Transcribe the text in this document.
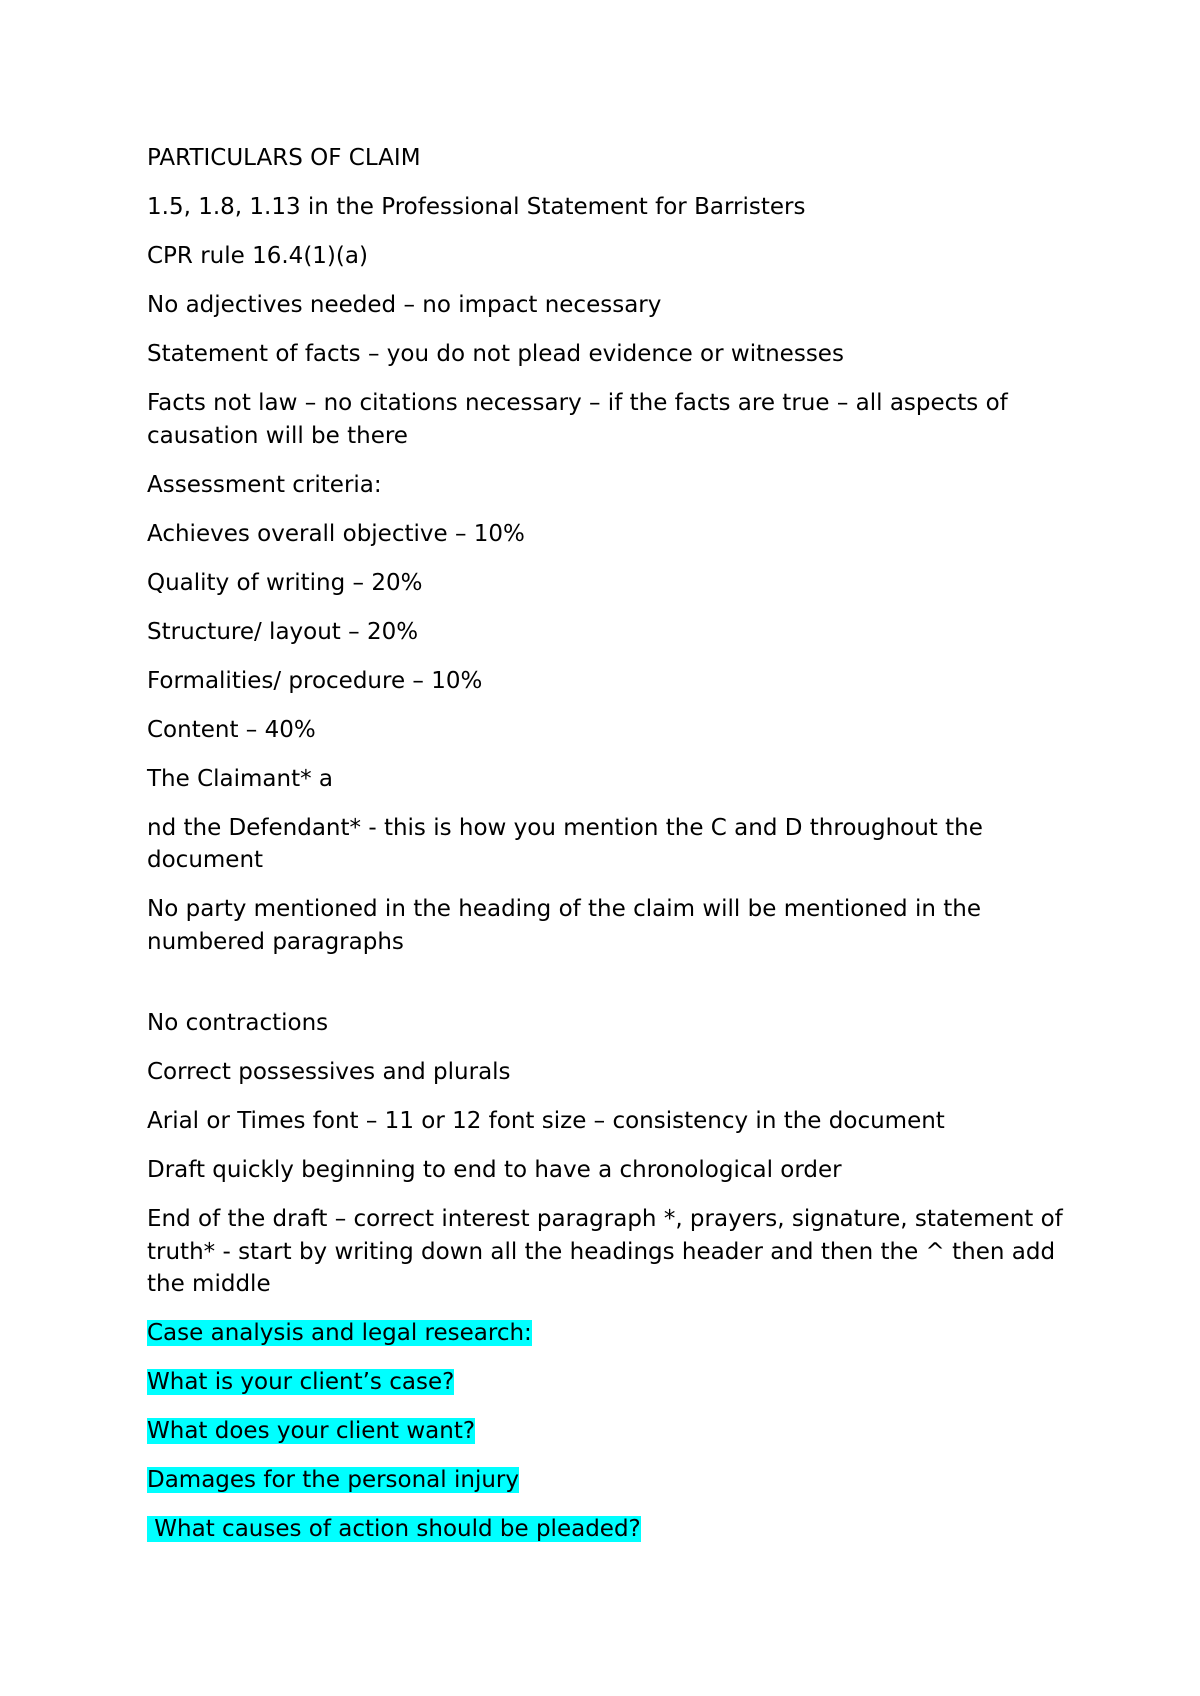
PARTICULARS OF CLAIM

1.5, 1.8, 1.13 in the Professional Statement for Barristers

CPR rule 16.4(1)(a)

No adjectives needed – no impact necessary

Statement of facts – you do not plead evidence or witnesses

Facts not law – no citations necessary – if the facts are true – all aspects of causation will be there

Assessment criteria:

Achieves overall objective – 10%

Quality of writing – 20%

Structure/ layout – 20%

Formalities/ procedure – 10%

Content – 40%

The Claimant* a

nd the Defendant* - this is how you mention the C and D throughout the document

No party mentioned in the heading of the claim will be mentioned in the numbered paragraphs

No contractions

Correct possessives and plurals

Arial or Times font – 11 or 12 font size – consistency in the document

Draft quickly beginning to end to have a chronological order

End of the draft – correct interest paragraph *, prayers, signature, statement of truth* - start by writing down all the headings header and then the ^ then add the middle

Case analysis and legal research:

What is your client’s case?

What does your client want?

Damages for the personal injury

What causes of action should be pleaded?
